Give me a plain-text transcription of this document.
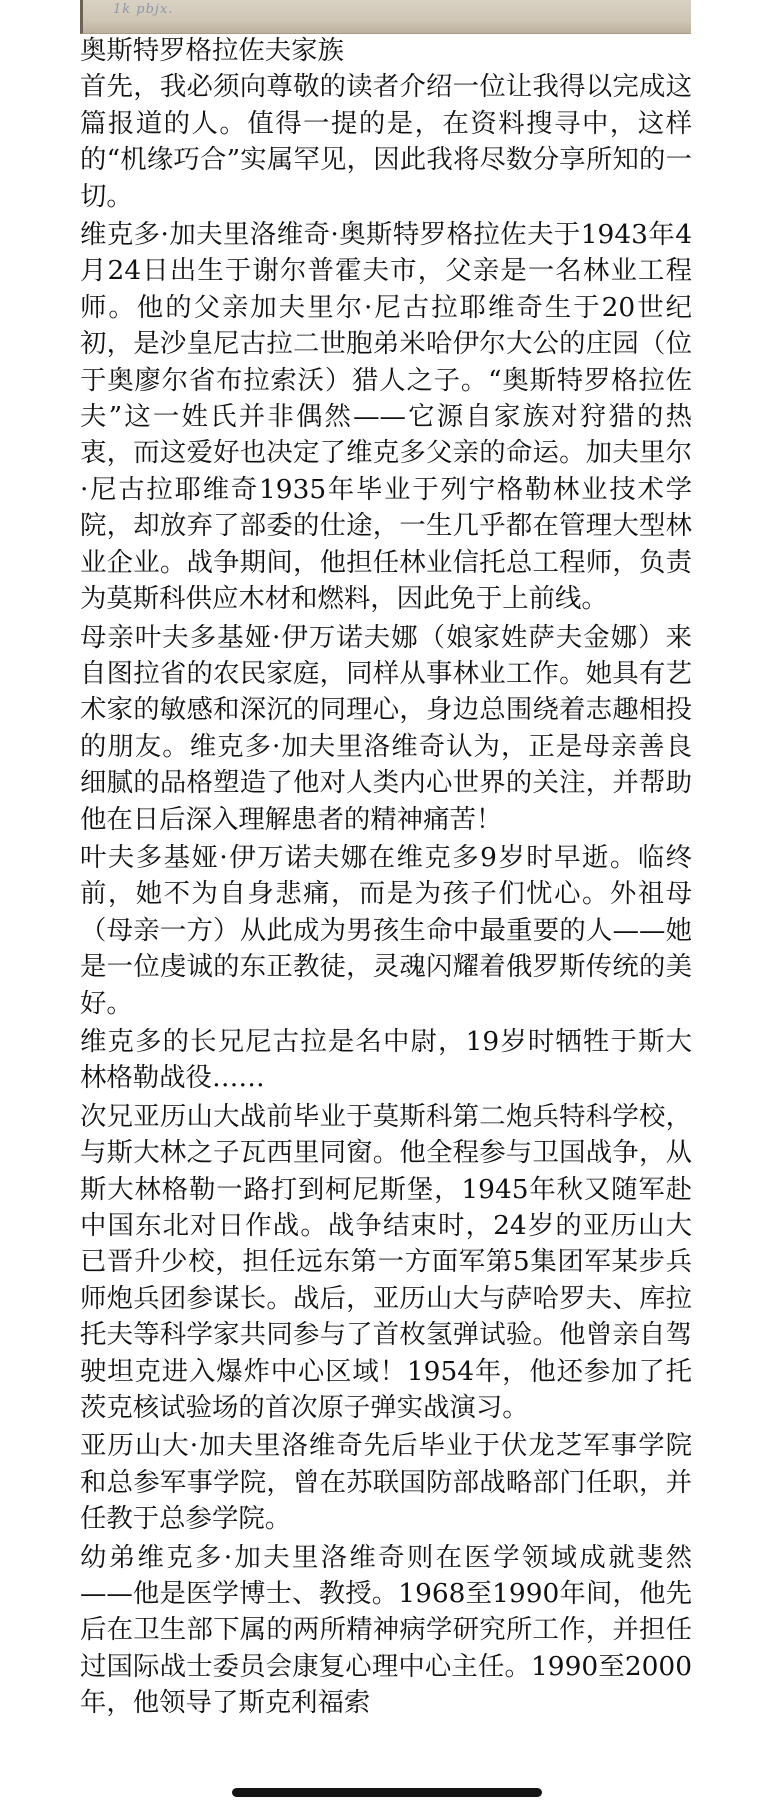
1k pbjx.
奥斯特罗格拉佐夫家族

首先，我必须向尊敬的读者介绍一位让我得以完成这篇报道的人。值得一提的是，在资料搜寻中，这样的“机缘巧合”实属罕见，因此我将尽数分享所知的一切。

维克多·加夫里洛维奇·奥斯特罗格拉佐夫于1943年4月24日出生于谢尔普霍夫市，父亲是一名林业工程师。他的父亲加夫里尔·尼古拉耶维奇生于20世纪初，是沙皇尼古拉二世胞弟米哈伊尔大公的庄园（位于奥廖尔省布拉索沃）猎人之子。“奥斯特罗格拉佐夫”这一姓氏并非偶然——它源自家族对狩猎的热衷，而这爱好也决定了维克多父亲的命运。加夫里尔·尼古拉耶维奇1935年毕业于列宁格勒林业技术学院，却放弃了部委的仕途，一生几乎都在管理大型林业企业。战争期间，他担任林业信托总工程师，负责为莫斯科供应木材和燃料，因此免于上前线。

母亲叶夫多基娅·伊万诺夫娜（娘家姓萨夫金娜）来自图拉省的农民家庭，同样从事林业工作。她具有艺术家的敏感和深沉的同理心，身边总围绕着志趣相投的朋友。维克多·加夫里洛维奇认为，正是母亲善良细腻的品格塑造了他对人类内心世界的关注，并帮助他在日后深入理解患者的精神痛苦！

叶夫多基娅·伊万诺夫娜在维克多9岁时早逝。临终前，她不为自身悲痛，而是为孩子们忧心。外祖母（母亲一方）从此成为男孩生命中最重要的人——她是一位虔诚的东正教徒，灵魂闪耀着俄罗斯传统的美好。

维克多的长兄尼古拉是名中尉，19岁时牺牲于斯大林格勒战役……

次兄亚历山大战前毕业于莫斯科第二炮兵特科学校，与斯大林之子瓦西里同窗。他全程参与卫国战争，从斯大林格勒一路打到柯尼斯堡，1945年秋又随军赴中国东北对日作战。战争结束时，24岁的亚历山大已晋升少校，担任远东第一方面军第5集团军某步兵师炮兵团参谋长。战后，亚历山大与萨哈罗夫、库拉托夫等科学家共同参与了首枚氢弹试验。他曾亲自驾驶坦克进入爆炸中心区域！1954年，他还参加了托茨克核试验场的首次原子弹实战演习。

亚历山大·加夫里洛维奇先后毕业于伏龙芝军事学院和总参军事学院，曾在苏联国防部战略部门任职，并任教于总参学院。

幼弟维克多·加夫里洛维奇则在医学领域成就斐然——他是医学博士、教授。1968至1990年间，他先后在卫生部下属的两所精神病学研究所工作，并担任过国际战士委员会康复心理中心主任。1990至2000年，他领导了斯克利福索
